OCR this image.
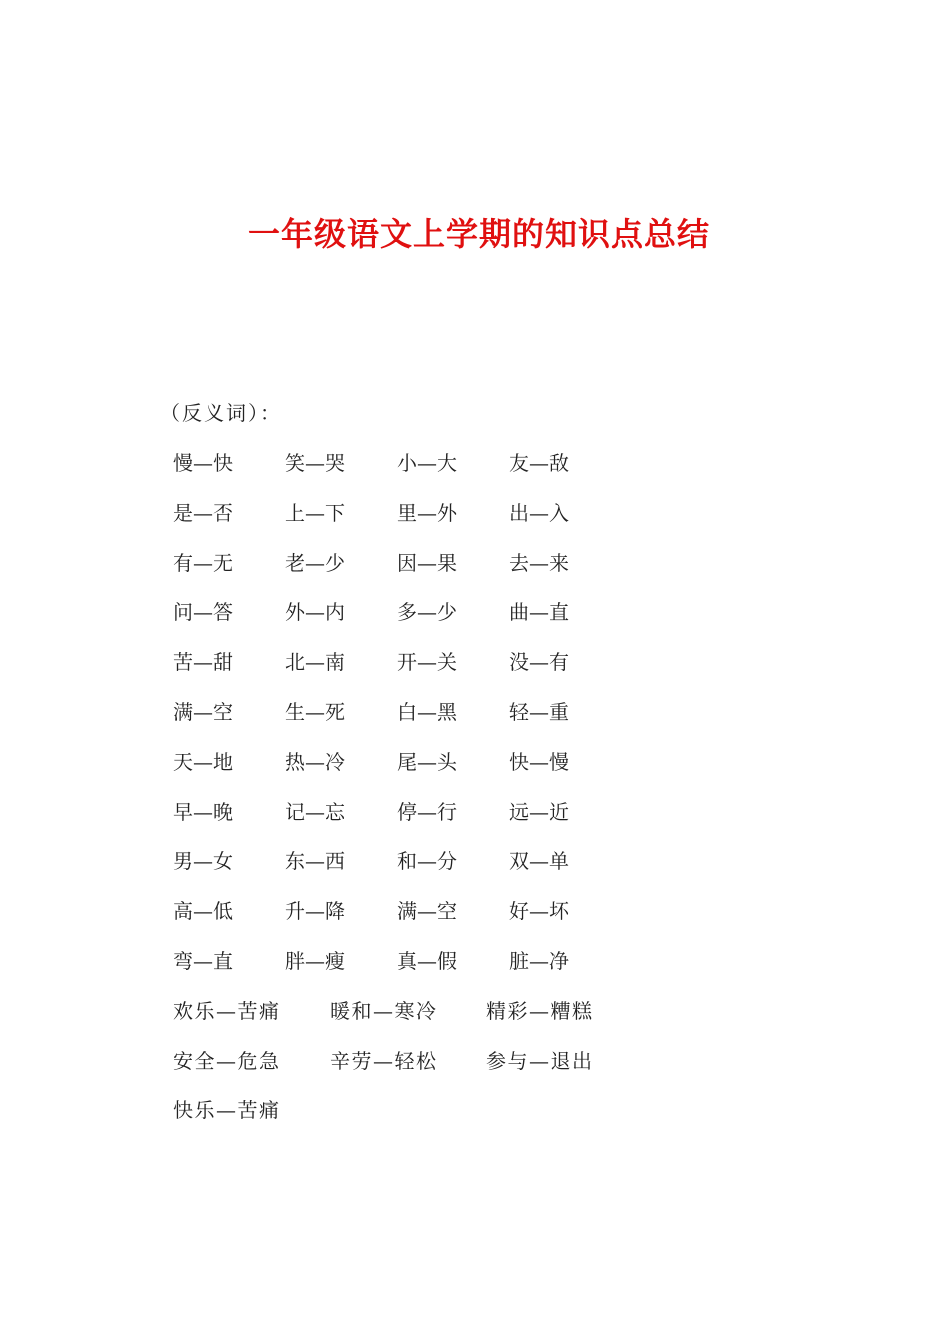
一年级语文上学期的知识点总结
（反义词）：
慢—快	笑—哭	小—大	友—敌
是—否	上—下	里—外	出—入
有—无	老—少	因—果	去—来
问—答	外—内	多—少	曲—直
苦—甜	北—南	开—关	没—有
满—空	生—死	白—黑	轻—重
天—地	热—冷	尾—头	快—慢
早—晚	记—忘	停—行	远—近
男—女	东—西	和—分	双—单
高—低	升—降	满—空	好—坏
弯—直	胖—瘦	真—假	脏—净
欢乐—苦痛	暖和—寒冷	精彩—糟糕
安全—危急	辛劳—轻松	参与—退出
快乐—苦痛
